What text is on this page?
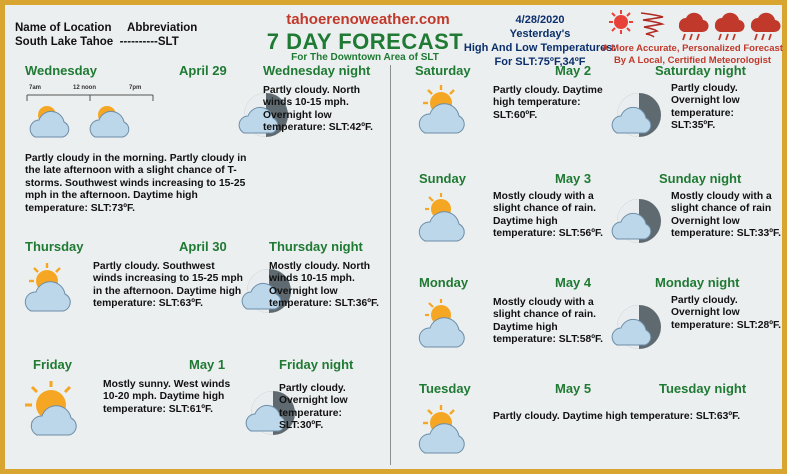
Name of Location     Abbreviation
South Lake Tahoe  ----------SLT
tahoerenoweather.com
7 DAY FORECAST
For The Downtown Area of SLT
4/28/2020
Yesterday's
High And Low Temperatures:
For SLT:75ºF,34ºF
A More Accurate, Personalized Forecast
By A Local, Certified Meteorologist
Wednesday	April 29	Wednesday night
7am	12 noon	7pm
Partly cloudy in the morning. Partly cloudy in the late afternoon with a slight chance of T-storms. Southwest winds increasing to 15-25 mph in the afternoon. Daytime high temperature: SLT:73ºF.
Partly cloudy. North winds 10-15 mph. Overnight low temperature: SLT:42ºF.
Thursday	April 30	Thursday night
Partly cloudy. Southwest winds increasing to 15-25 mph in the afternoon. Daytime high temperature: SLT:63ºF.
Mostly cloudy. North winds 10-15 mph. Overnight low temperature: SLT:36ºF.
Friday	May 1	Friday night
Mostly sunny. West winds 10-20 mph. Daytime high temperature: SLT:61ºF.
Partly cloudy. Overnight low temperature: SLT:30ºF.
Saturday	May 2	Saturday night
Partly cloudy. Daytime high temperature: SLT:60ºF.
Partly cloudy. Overnight low temperature: SLT:35ºF.
Sunday	May 3	Sunday night
Mostly cloudy with a slight chance of rain. Daytime high temperature: SLT:56ºF.
Mostly cloudy with a slight chance of rain Overnight low temperature: SLT:33ºF.
Monday	May 4	Monday night
Mostly cloudy with a slight chance of rain. Daytime high temperature: SLT:58ºF.
Partly cloudy. Overnight low temperature: SLT:28ºF.
Tuesday	May 5	Tuesday night
Partly cloudy. Daytime high temperature: SLT:63ºF.
